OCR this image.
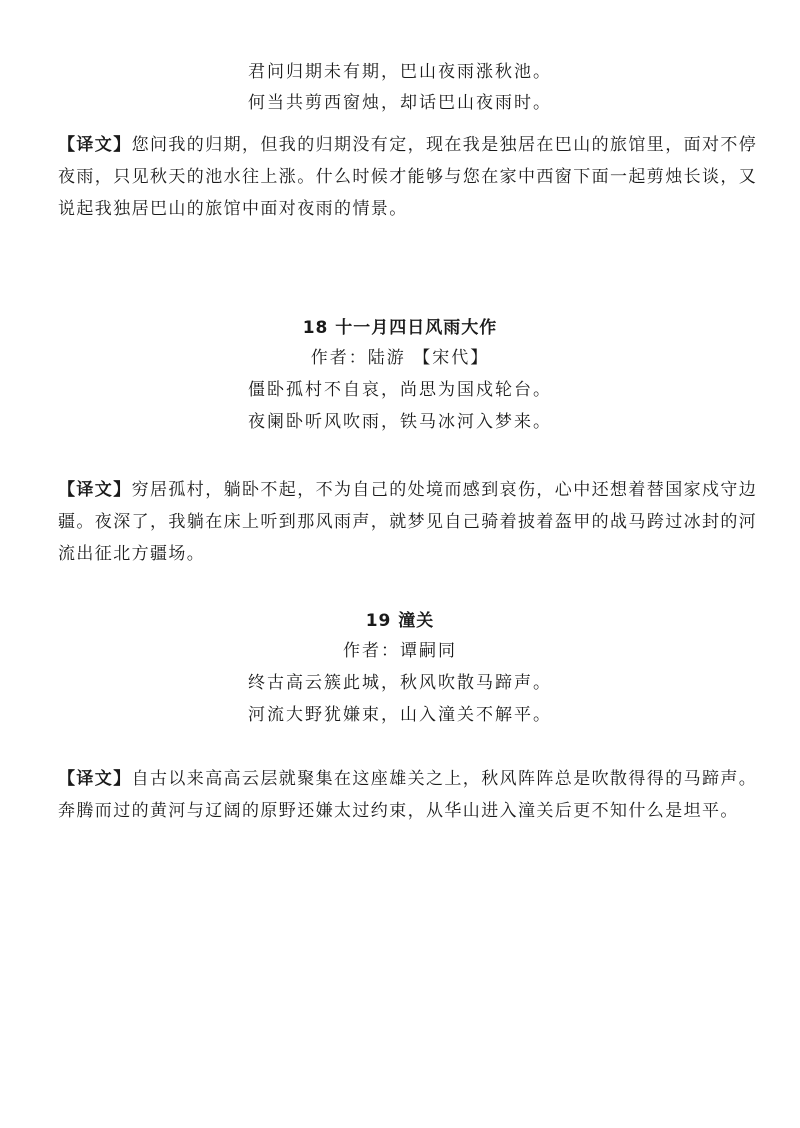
君问归期未有期，巴山夜雨涨秋池。
何当共剪西窗烛，却话巴山夜雨时。
【译文】您问我的归期，但我的归期没有定，现在我是独居在巴山的旅馆里，面对不停
夜雨，只见秋天的池水往上涨。什么时候才能够与您在家中西窗下面一起剪烛长谈，又
说起我独居巴山的旅馆中面对夜雨的情景。
18 十一月四日风雨大作
作者：陆游 【宋代】
僵卧孤村不自哀，尚思为国戍轮台。
夜阑卧听风吹雨，铁马冰河入梦来。
【译文】穷居孤村，躺卧不起，不为自己的处境而感到哀伤，心中还想着替国家戍守边
疆。夜深了，我躺在床上听到那风雨声，就梦见自己骑着披着盔甲的战马跨过冰封的河
流出征北方疆场。
19 潼关
作者：谭嗣同
终古高云簇此城，秋风吹散马蹄声。
河流大野犹嫌束，山入潼关不解平。
【译文】自古以来高高云层就聚集在这座雄关之上，秋风阵阵总是吹散得得的马蹄声。
奔腾而过的黄河与辽阔的原野还嫌太过约束，从华山进入潼关后更不知什么是坦平。
